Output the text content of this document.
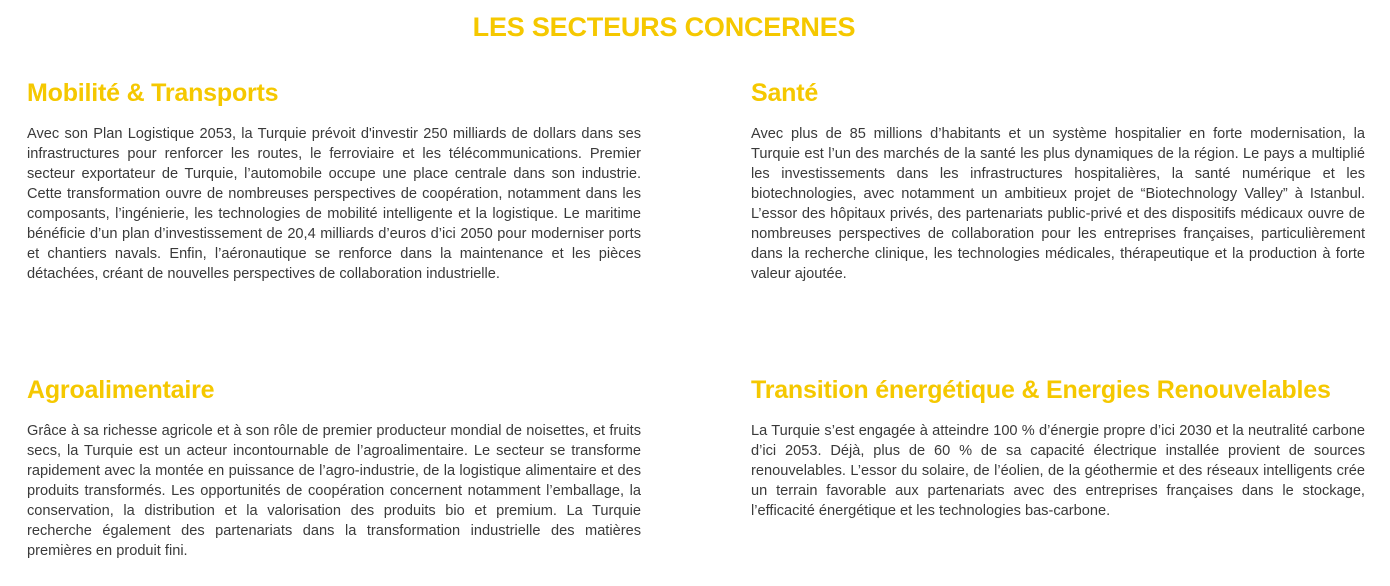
LES SECTEURS CONCERNES
Mobilité & Transports

Avec son Plan Logistique 2053, la Turquie prévoit d'investir 250 milliards de dollars dans ses infrastructures pour renforcer les routes, le ferroviaire et les télécommunications. Premier secteur exportateur de Turquie, l’automobile occupe une place centrale dans son industrie. Cette transformation ouvre de nombreuses perspectives de coopération, notamment dans les composants, l’ingénierie, les technologies de mobilité intelligente et la logistique. Le maritime bénéficie d’un plan d’investissement de 20,4 milliards d’euros d’ici 2050 pour moderniser ports et chantiers navals. Enfin, l’aéronautique se renforce dans la maintenance et les pièces détachées, créant de nouvelles perspectives de collaboration industrielle.

Santé

Avec plus de 85 millions d’habitants et un système hospitalier en forte modernisation, la Turquie est l’un des marchés de la santé les plus dynamiques de la région. Le pays a multiplié les investissements dans les infrastructures hospitalières, la santé numérique et les biotechnologies, avec notamment un ambitieux projet de “Biotechnology Valley” à Istanbul. L’essor des hôpitaux privés, des partenariats public-privé et des dispositifs médicaux ouvre de nombreuses perspectives de collaboration pour les entreprises françaises, particulièrement dans la recherche clinique, les technologies médicales, thérapeutique et la production à forte valeur ajoutée.

Agroalimentaire

Grâce à sa richesse agricole et à son rôle de premier producteur mondial de noisettes, et fruits secs, la Turquie est un acteur incontournable de l’agroalimentaire. Le secteur se transforme rapidement avec la montée en puissance de l’agro-industrie, de la logistique alimentaire et des produits transformés. Les opportunités de coopération concernent notamment l’emballage, la conservation, la distribution et la valorisation des produits bio et premium. La Turquie recherche également des partenariats dans la transformation industrielle des matières premières en produit fini.

Transition énergétique & Energies Renouvelables

La Turquie s’est engagée à atteindre 100 % d’énergie propre d’ici 2030 et la neutralité carbone d’ici 2053. Déjà, plus de 60 % de sa capacité électrique installée provient de sources renouvelables. L’essor du solaire, de l’éolien, de la géothermie et des réseaux intelligents crée un terrain favorable aux partenariats avec des entreprises françaises dans le stockage, l’efficacité énergétique et les technologies bas-carbone.
